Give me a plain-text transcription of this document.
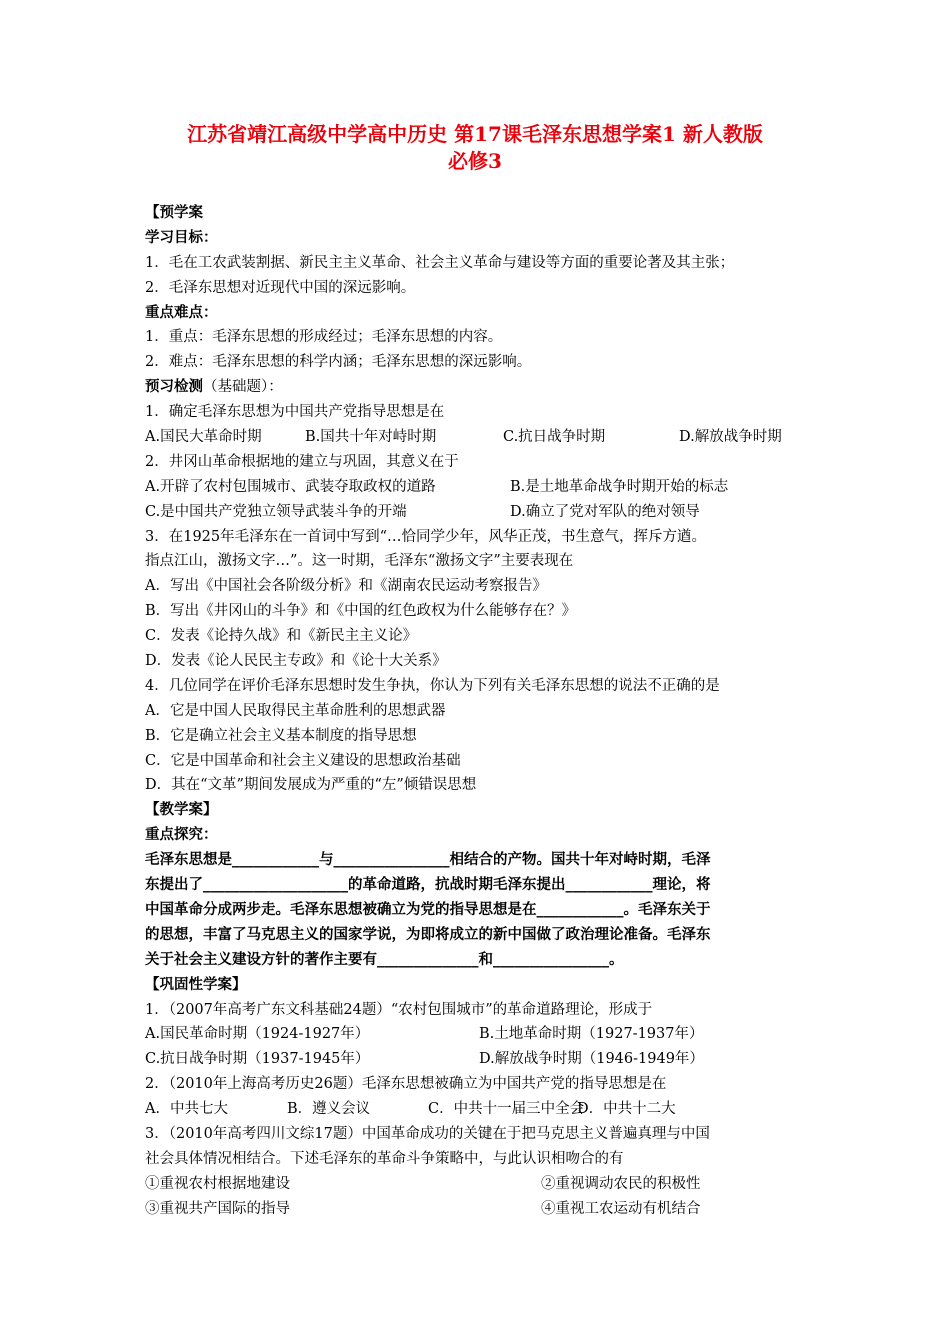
江苏省靖江高级中学高中历史 第17课毛泽东思想学案1 新人教版
必修3
【预学案
学习目标：
1．毛在工农武装割据、新民主主义革命、社会主义革命与建设等方面的重要论著及其主张；
2．毛泽东思想对近现代中国的深远影响。
重点难点：
1．重点：毛泽东思想的形成经过；毛泽东思想的内容。
2．难点：毛泽东思想的科学内涵；毛泽东思想的深远影响。
预习检测（基础题）：
1．确定毛泽东思想为中国共产党指导思想是在
A.国民大革命时期	B.国共十年对峙时期	C.抗日战争时期	D.解放战争时期
2．井冈山革命根据地的建立与巩固，其意义在于
A.开辟了农村包围城市、武装夺取政权的道路	B.是土地革命战争时期开始的标志
C.是中国共产党独立领导武装斗争的开端	D.确立了党对军队的绝对领导
3．在1925年毛泽东在一首词中写到“…恰同学少年，风华正茂，书生意气，挥斥方遒。
指点江山，激扬文字…”。这一时期，毛泽东“激扬文字”主要表现在
A．写出《中国社会各阶级分析》和《湖南农民运动考察报告》
B．写出《井冈山的斗争》和《中国的红色政权为什么能够存在？》
C．发表《论持久战》和《新民主主义论》
D．发表《论人民民主专政》和《论十大关系》
4．几位同学在评价毛泽东思想时发生争执，你认为下列有关毛泽东思想的说法不正确的是
A．它是中国人民取得民主革命胜利的思想武器
B．它是确立社会主义基本制度的指导思想
C．它是中国革命和社会主义建设的思想政治基础
D．其在“文革”期间发展成为严重的“左”倾错误思想
【教学案】
重点探究：
毛泽东思想是____________与________________相结合的产物。国共十年对峙时期，毛泽
东提出了____________________的革命道路，抗战时期毛泽东提出____________理论，将
中国革命分成两步走。毛泽东思想被确立为党的指导思想是在____________。毛泽东关于
的思想，丰富了马克思主义的国家学说，为即将成立的新中国做了政治理论准备。毛泽东
关于社会主义建设方针的著作主要有______________和________________。
【巩固性学案】
1．（2007年高考广东文科基础24题）“农村包围城市”的革命道路理论，形成于
A.国民革命时期（1924-1927年）	B.土地革命时期（1927-1937年）
C.抗日战争时期（1937-1945年）	D.解放战争时期（1946-1949年）
2．（2010年上海高考历史26题）毛泽东思想被确立为中国共产党的指导思想是在
A．中共七大	B．遵义会议	C．中共十一届三中全会
D．中共十二大
3．（2010年高考四川文综17题）中国革命成功的关键在于把马克思主义普遍真理与中国
社会具体情况相结合。下述毛泽东的革命斗争策略中，与此认识相吻合的有
①重视农村根据地建设	②重视调动农民的积极性
③重视共产国际的指导	④重视工农运动有机结合
